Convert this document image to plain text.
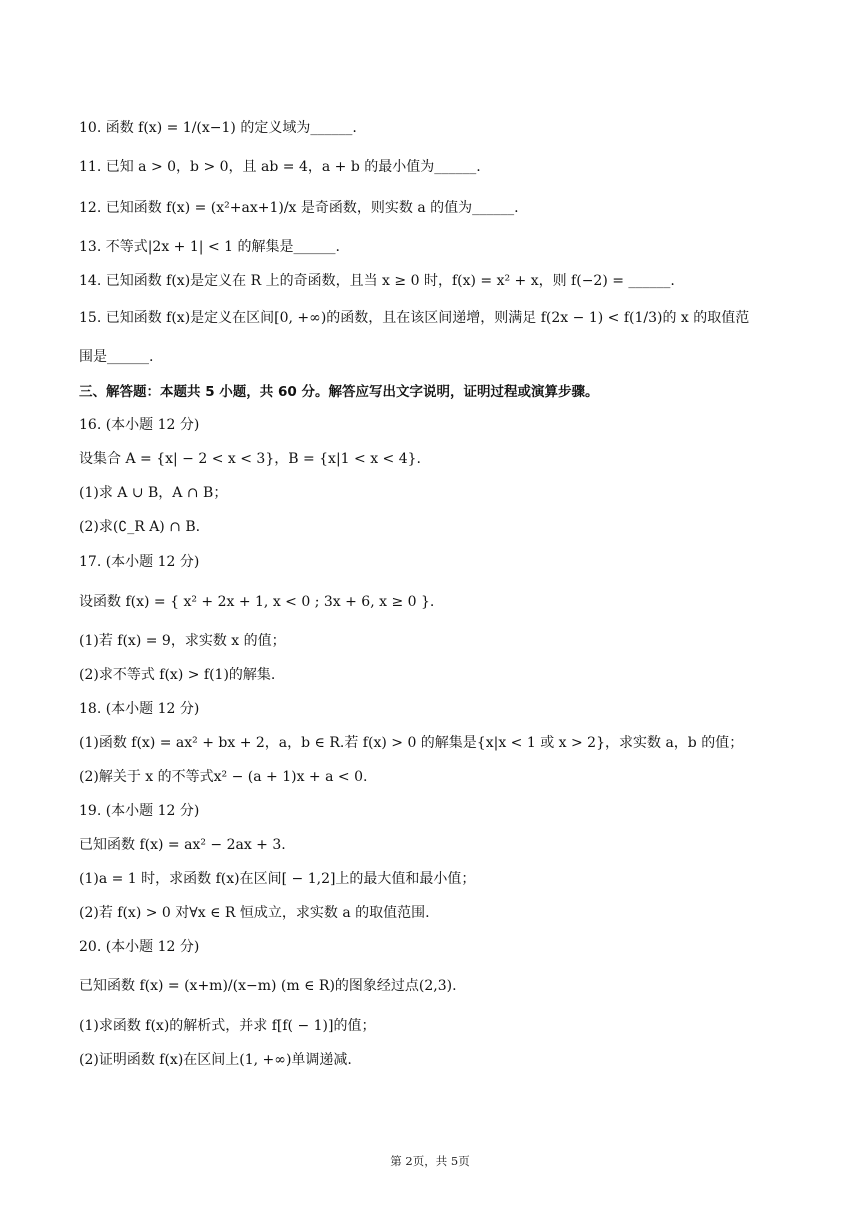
10. 函数 f(x) = 1/(x−1) 的定义域为______.
11. 已知 a > 0，b > 0，且 ab = 4，a + b 的最小值为______.
12. 已知函数 f(x) = (x²+ax+1)/x 是奇函数，则实数 a 的值为______.
13. 不等式|2x + 1| < 1 的解集是______.
14. 已知函数 f(x)是定义在 R 上的奇函数，且当 x ≥ 0 时，f(x) = x² + x，则 f(−2) = ______.
15. 已知函数 f(x)是定义在区间[0, +∞)的函数，且在该区间递增，则满足 f(2x − 1) < f(1/3)的 x 的取值范
围是______.
三、解答题：本题共 5 小题，共 60 分。解答应写出文字说明，证明过程或演算步骤。
16. (本小题 12 分)
设集合 A = {x| − 2 < x < 3}，B = {x|1 < x < 4}.
(1)求 A ∪ B，A ∩ B；
(2)求(∁_R A) ∩ B.
17. (本小题 12 分)
设函数 f(x) = { x² + 2x + 1, x < 0 ; 3x + 6, x ≥ 0 }.
(1)若 f(x) = 9，求实数 x 的值；
(2)求不等式 f(x) > f(1)的解集.
18. (本小题 12 分)
(1)函数 f(x) = ax² + bx + 2，a，b ∈ R.若 f(x) > 0 的解集是{x|x < 1 或 x > 2}，求实数 a，b 的值；
(2)解关于 x 的不等式x² − (a + 1)x + a < 0.
19. (本小题 12 分)
已知函数 f(x) = ax² − 2ax + 3.
(1)a = 1 时，求函数 f(x)在区间[ − 1,2]上的最大值和最小值；
(2)若 f(x) > 0 对∀x ∈ R 恒成立，求实数 a 的取值范围.
20. (本小题 12 分)
已知函数 f(x) = (x+m)/(x−m) (m ∈ R)的图象经过点(2,3).
(1)求函数 f(x)的解析式，并求 f[f( − 1)]的值；
(2)证明函数 f(x)在区间上(1, +∞)单调递减.
第 2页，共 5页
